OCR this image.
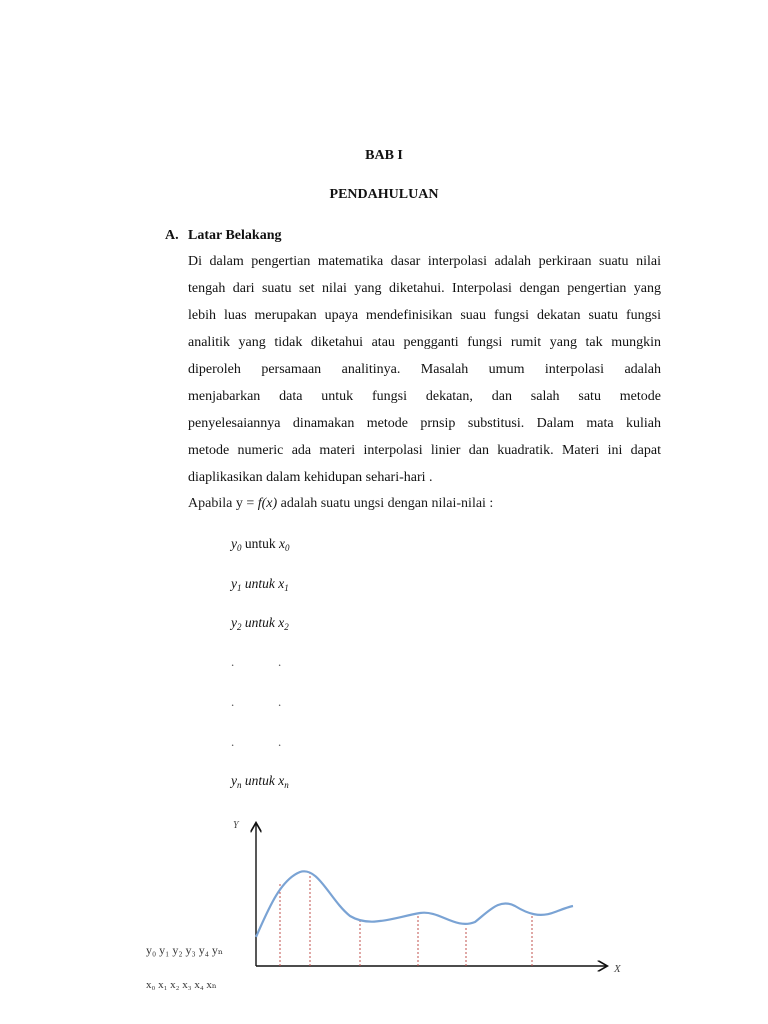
BAB I
PENDAHULUAN
A. Latar Belakang
Di dalam pengertian matematika dasar interpolasi adalah perkiraan suatu nilai
tengah dari suatu set nilai yang diketahui. Interpolasi dengan pengertian yang
lebih luas merupakan upaya mendefinisikan suau fungsi dekatan suatu fungsi
analitik yang tidak diketahui atau pengganti fungsi rumit yang tak mungkin
diperoleh persamaan analitinya. Masalah umum interpolasi adalah
menjabarkan data untuk fungsi dekatan, dan salah satu metode
penyelesaiannya dinamakan metode prnsip substitusi. Dalam mata kuliah
metode numeric ada materi interpolasi linier dan kuadratik. Materi ini dapat
diaplikasikan dalam kehidupan sehari-hari .
Apabila y = f(x) adalah suatu ungsi dengan nilai-nilai :
$y_0$ untuk $x_0$
$y_1$ untuk $x_1$
$y_2$ untuk $x_2$
.	.
.	.
.	.
$y_n$ untuk $x_n$
Y
X
y₀ y₁ y₂ y₃ y₄ yₙ
x₀ x₁ x₂ x₃ x₄ xₙ
